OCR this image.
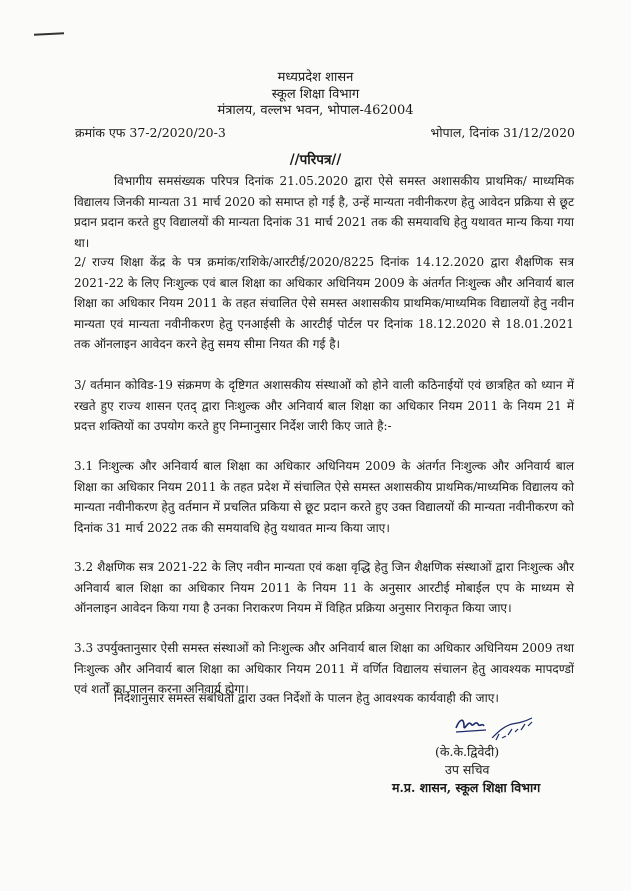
मध्यप्रदेश शासन
स्कूल शिक्षा विभाग
मंत्रालय, वल्लभ भवन, भोपाल-462004
क्रमांक एफ 37-2/2020/20-3	भोपाल, दिनांक 31/12/2020
//परिपत्र//
विभागीय समसंख्यक परिपत्र दिनांक 21.05.2020 द्वारा ऐसे समस्त अशासकीय प्राथमिक/ माध्यमिक विद्यालय जिनकी मान्यता 31 मार्च 2020 को समाप्त हो गई है, उन्हें मान्यता नवीनीकरण हेतु आवेदन प्रक्रिया से छूट प्रदान प्रदान करते हुए विद्यालयों की मान्यता दिनांक 31 मार्च 2021 तक की समयावधि हेतु यथावत मान्य किया गया था।
2/ राज्य शिक्षा केंद्र के पत्र क्रमांक/राशिके/आरटीई/2020/8225 दिनांक 14.12.2020 द्वारा शैक्षणिक सत्र 2021-22 के लिए निःशुल्क एवं बाल शिक्षा का अधिकार अधिनियम 2009 के अंतर्गत निःशुल्क और अनिवार्य बाल शिक्षा का अधिकार नियम 2011 के तहत संचालित ऐसे समस्त अशासकीय प्राथमिक/माध्यमिक विद्यालयों हेतु नवीन मान्यता एवं मान्यता नवीनीकरण हेतु एनआईसी के आरटीई पोर्टल पर दिनांक 18.12.2020 से 18.01.2021 तक ऑनलाइन आवेदन करने हेतु समय सीमा नियत की गई है।
3/ वर्तमान कोविड-19 संक्रमण के दृष्टिगत अशासकीय संस्थाओं को होने वाली कठिनाईयों एवं छात्रहित को ध्यान में रखते हुए राज्य शासन एतद् द्वारा निःशुल्क और अनिवार्य बाल शिक्षा का अधिकार नियम 2011 के नियम 21 में प्रदत्त शक्तियों का उपयोग करते हुए निम्नानुसार निर्देश जारी किए जाते है:-
3.1 निःशुल्क और अनिवार्य बाल शिक्षा का अधिकार अधिनियम 2009 के अंतर्गत निःशुल्क और अनिवार्य बाल शिक्षा का अधिकार नियम 2011 के तहत प्रदेश में संचालित ऐसे समस्त अशासकीय प्राथमिक/माध्यमिक विद्यालय को मान्यता नवीनीकरण हेतु वर्तमान में प्रचलित प्रकिया से छूट प्रदान करते हुए उक्त विद्यालयों की मान्यता नवीनीकरण को दिनांक 31 मार्च 2022 तक की समयावधि हेतु यथावत मान्य किया जाए।
3.2 शैक्षणिक सत्र 2021-22 के लिए नवीन मान्यता एवं कक्षा वृद्धि हेतु जिन शैक्षणिक संस्थाओं द्वारा निःशुल्क और अनिवार्य बाल शिक्षा का अधिकार नियम 2011 के नियम 11 के अनुसार आरटीई मोबाईल एप के माध्यम से ऑनलाइन आवेदन किया गया है उनका निराकरण नियम में विहित प्रक्रिया अनुसार निराकृत किया जाए।
3.3 उपर्युक्तानुसार ऐसी समस्त संस्थाओं को निःशुल्क और अनिवार्य बाल शिक्षा का अधिकार अधिनियम 2009 तथा निःशुल्क और अनिवार्य बाल शिक्षा का अधिकार नियम 2011 में वर्णित विद्यालय संचालन हेतु आवश्यक मापदण्डों एवं शर्तों का पालन करना अनिवार्य होगा।
निर्देशानुसार समस्त संबंधितों द्वारा उक्त निर्देशों के पालन हेतु आवश्यक कार्यवाही की जाए।
(के.के.द्विवेदी)
उप सचिव
म.प्र. शासन, स्कूल शिक्षा विभाग
